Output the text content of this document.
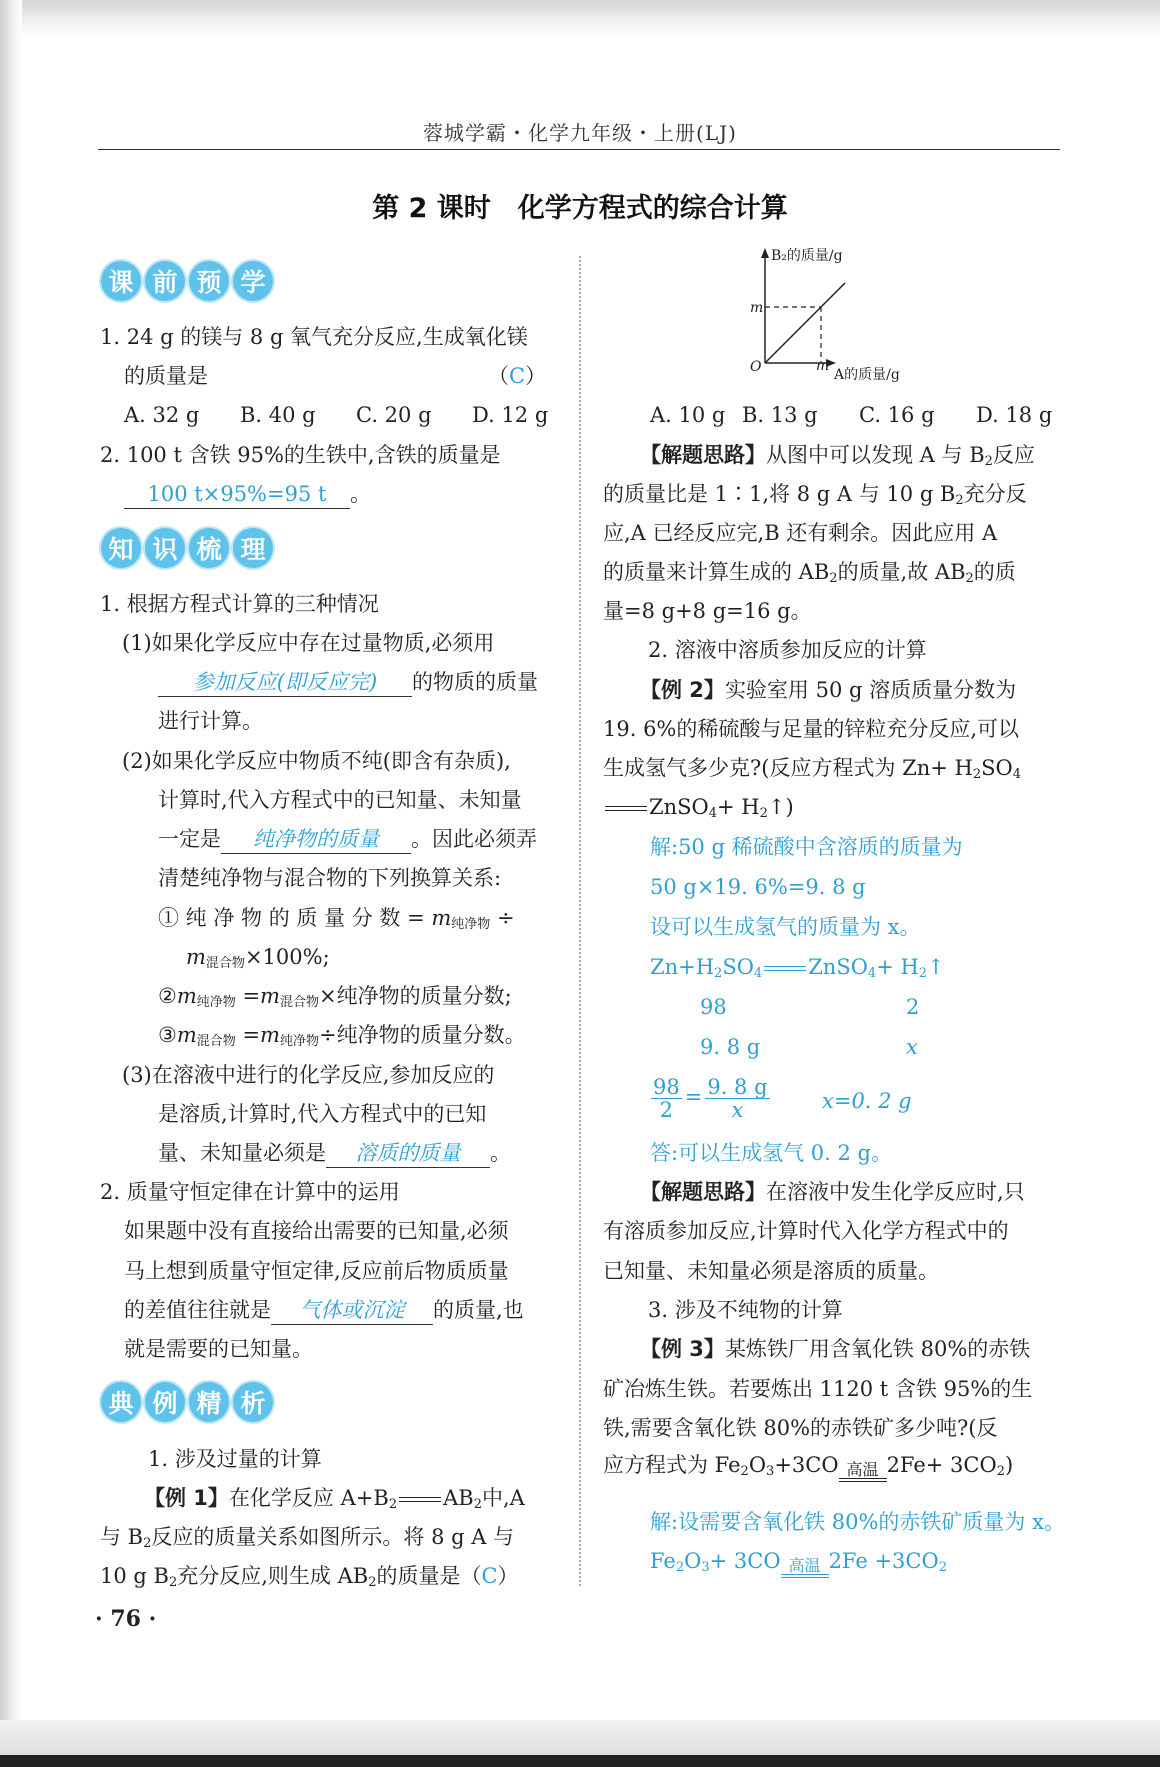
蓉城学霸・化学九年级・上册(LJ)
第 2 课时　化学方程式的综合计算
课 前 预 学
1. 24 g 的镁与 8 g 氧气充分反应,生成氧化镁
的质量是	（C）
A. 32 g B. 40 g C. 20 g D. 12 g
2. 100 t 含铁 95%的生铁中,含铁的质量是
100 t×95%=95 t 。
知 识 梳 理
1. 根据方程式计算的三种情况
(1)如果化学反应中存在过量物质,必须用
参加反应(即反应完) 的物质的质量
进行计算。
(2)如果化学反应中物质不纯(即含有杂质),
计算时,代入方程式中的已知量、未知量
一定是 纯净物的质量 。因此必须弄
清楚纯净物与混合物的下列换算关系:
① 纯 净 物 的 质 量 分 数 = $m_{纯净物}$ ÷
$m_{混合物}\times 100\%$;
$②m_{纯净物} =m_{混合物}\times$纯净物的质量分数;
$③m_{混合物} =m_{纯净物}\div$纯净物的质量分数。
(3)在溶液中进行的化学反应,参加反应的
是溶质,计算时,代入方程式中的已知
量、未知量必须是 溶质的质量 。
2. 质量守恒定律在计算中的运用
如果题中没有直接给出需要的已知量,必须
马上想到质量守恒定律,反应前后物质质量
的差值往往就是 气体或沉淀 的质量,也
就是需要的已知量。
典 例 精 析
1. 涉及过量的计算
【例 1】在化学反应 $A+B_2$ $AB_2$中,A
与 $B_2$反应的质量关系如图所示。将 8 g A 与
10 g $B_2$充分反应,则生成 $AB_2$的质量是（C）
· 76 ·
B₂的质量/g
m
O	m
A的质量/g
A. 10 g B. 13 g C. 16 g D. 18 g
【解题思路】从图中可以发现 A 与 $B_2$反应
的质量比是 1∶1,将 8 g A 与 10 g $B_2$充分反
应,A 已经反应完,B 还有剩余。因此应用 A
的质量来计算生成的 $AB_2$的质量,故 $AB_2$的质
量=8 g+8 g=16 g。
2. 溶液中溶质参加反应的计算
【例 2】实验室用 50 g 溶质质量分数为
19. 6%的稀硫酸与足量的锌粒充分反应,可以
生成氢气多少克?(反应方程式为 $Zn+ H_2SO_4$
ZnSO$_4$+ $H_2↑$)
解:50 g 稀硫酸中含溶质的质量为
50 g×19. 6%=9. 8 g
设可以生成氢气的质量为 x。
$Zn+H_2SO_4$ ZnSO$_4$+ $H_2↑$
98	2
9. 8 g	x
$\frac{98}{2} = \frac{9. 8 g}{x} x=0$. 2 g
答:可以生成氢气 0. 2 g。
【解题思路】在溶液中发生化学反应时,只
有溶质参加反应,计算时代入化学方程式中的
已知量、未知量必须是溶质的质量。
3. 涉及不纯物的计算
【例 3】某炼铁厂用含氧化铁 80%的赤铁
矿冶炼生铁。若要炼出 1120 t 含铁 95%的生
铁,需要含氧化铁 80%的赤铁矿多少吨?(反
应方程式为 $Fe_2O_3+3CO$ 高温 $2Fe+ 3CO_2$)
解:设需要含氧化铁 80%的赤铁矿质量为 x。
$Fe_2O_3+ 3CO$ 高温 $2Fe +3CO_2$
